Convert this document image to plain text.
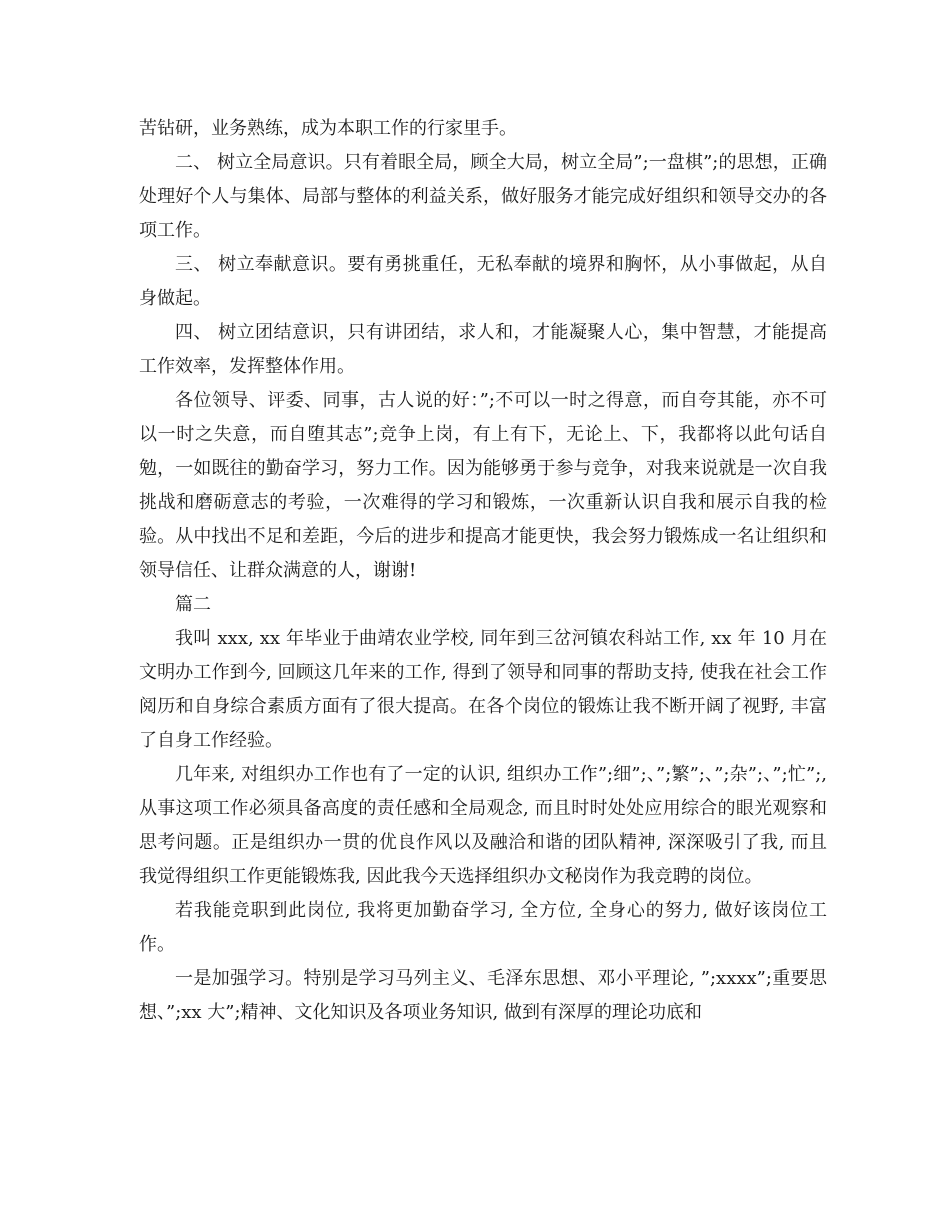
苦钻研，业务熟练，成为本职工作的行家里手。

二、 树立全局意识。只有着眼全局，顾全大局，树立全局”;一盘棋”;的思想，正确处理好个人与集体、局部与整体的利益关系，做好服务才能完成好组织和领导交办的各项工作。

三、 树立奉献意识。要有勇挑重任，无私奉献的境界和胸怀，从小事做起，从自身做起。

四、 树立团结意识，只有讲团结，求人和，才能凝聚人心，集中智慧，才能提高工作效率，发挥整体作用。

各位领导、评委、同事，古人说的好：”;不可以一时之得意，而自夸其能，亦不可以一时之失意，而自堕其志”;竞争上岗，有上有下，无论上、下，我都将以此句话自勉，一如既往的勤奋学习，努力工作。因为能够勇于参与竞争，对我来说就是一次自我挑战和磨砺意志的考验，一次难得的学习和锻炼，一次重新认识自我和展示自我的检验。从中找出不足和差距，今后的进步和提高才能更快，我会努力锻炼成一名让组织和领导信任、让群众满意的人，谢谢!

篇二

我叫 xxx, xx 年毕业于曲靖农业学校, 同年到三岔河镇农科站工作, xx 年 10 月在文明办工作到今, 回顾这几年来的工作, 得到了领导和同事的帮助支持, 使我在社会工作阅历和自身综合素质方面有了很大提高。在各个岗位的锻炼让我不断开阔了视野, 丰富了自身工作经验。

几年来, 对组织办工作也有了一定的认识, 组织办工作”;细”;、”;繁”;、”;杂”;、”;忙”;, 从事这项工作必须具备高度的责任感和全局观念, 而且时时处处应用综合的眼光观察和思考问题。正是组织办一贯的优良作风以及融洽和谐的团队精神, 深深吸引了我, 而且我觉得组织工作更能锻炼我, 因此我今天选择组织办文秘岗作为我竞聘的岗位。

若我能竞职到此岗位, 我将更加勤奋学习, 全方位, 全身心的努力, 做好该岗位工作。

一是加强学习。特别是学习马列主义、毛泽东思想、邓小平理论, ”;xxxx”;重要思想、”;xx 大”;精神、文化知识及各项业务知识, 做到有深厚的理论功底和
